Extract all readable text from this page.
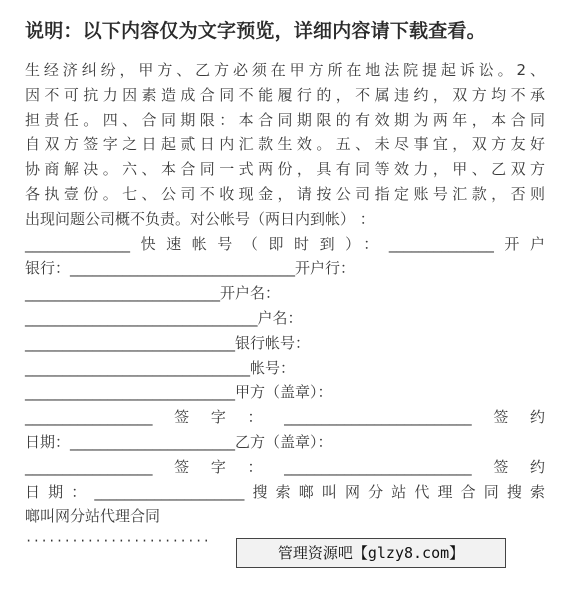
说明：以下内容仅为文字预览，详细内容请下载查看。
生经济纠纷，甲方、乙方必须在甲方所在地法院提起诉讼。2、
因不可抗力因素造成合同不能履行的，不属违约，双方均不承
担责任。四、合同期限：本合同期限的有效期为两年，本合同
自双方签字之日起贰日内汇款生效。五、未尽事宜，双方友好
协商解决。六、本合同一式两份，具有同等效力，甲、乙双方
各执壹份。七、公司不收现金，请按公司指定账号汇款，否则
出现问题公司概不负责。对公帐号（两日内到帐） ：
______________快速帐号（即时到）：______________开户
银行：______________________________开户行：
__________________________开户名：
_______________________________户名：
____________________________银行帐号：
______________________________帐号：
____________________________甲方（盖章）：
_________________签字：_________________________签约
日期：______________________乙方（盖章）：
_________________签字：_________________________签约
日期：____________________搜索啷叫网分站代理合同搜索
啷叫网分站代理合同
························
管理资源吧【glzy8.com】
